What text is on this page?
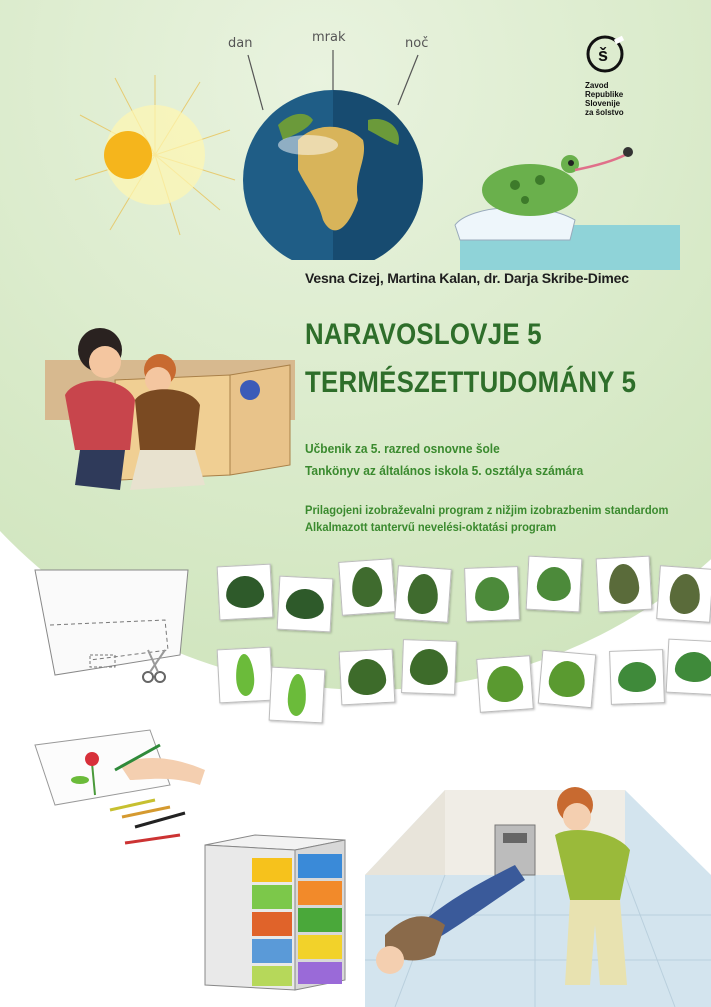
dan	mrak	noč
š
Zavod
Republike
Slovenije
za šolstvo
Vesna Cizej, Martina Kalan, dr. Darja Skribe-Dimec
NARAVOSLOVJE 5
TERMÉSZETTUDOMÁNY 5
Učbenik za 5. razred osnovne šole
Tankönyv az általános iskola 5. osztálya számára
Prilagojeni izobraževalni program z nižjim izobrazbenim standardom
Alkalmazott tantervű nevelési-oktatási program
